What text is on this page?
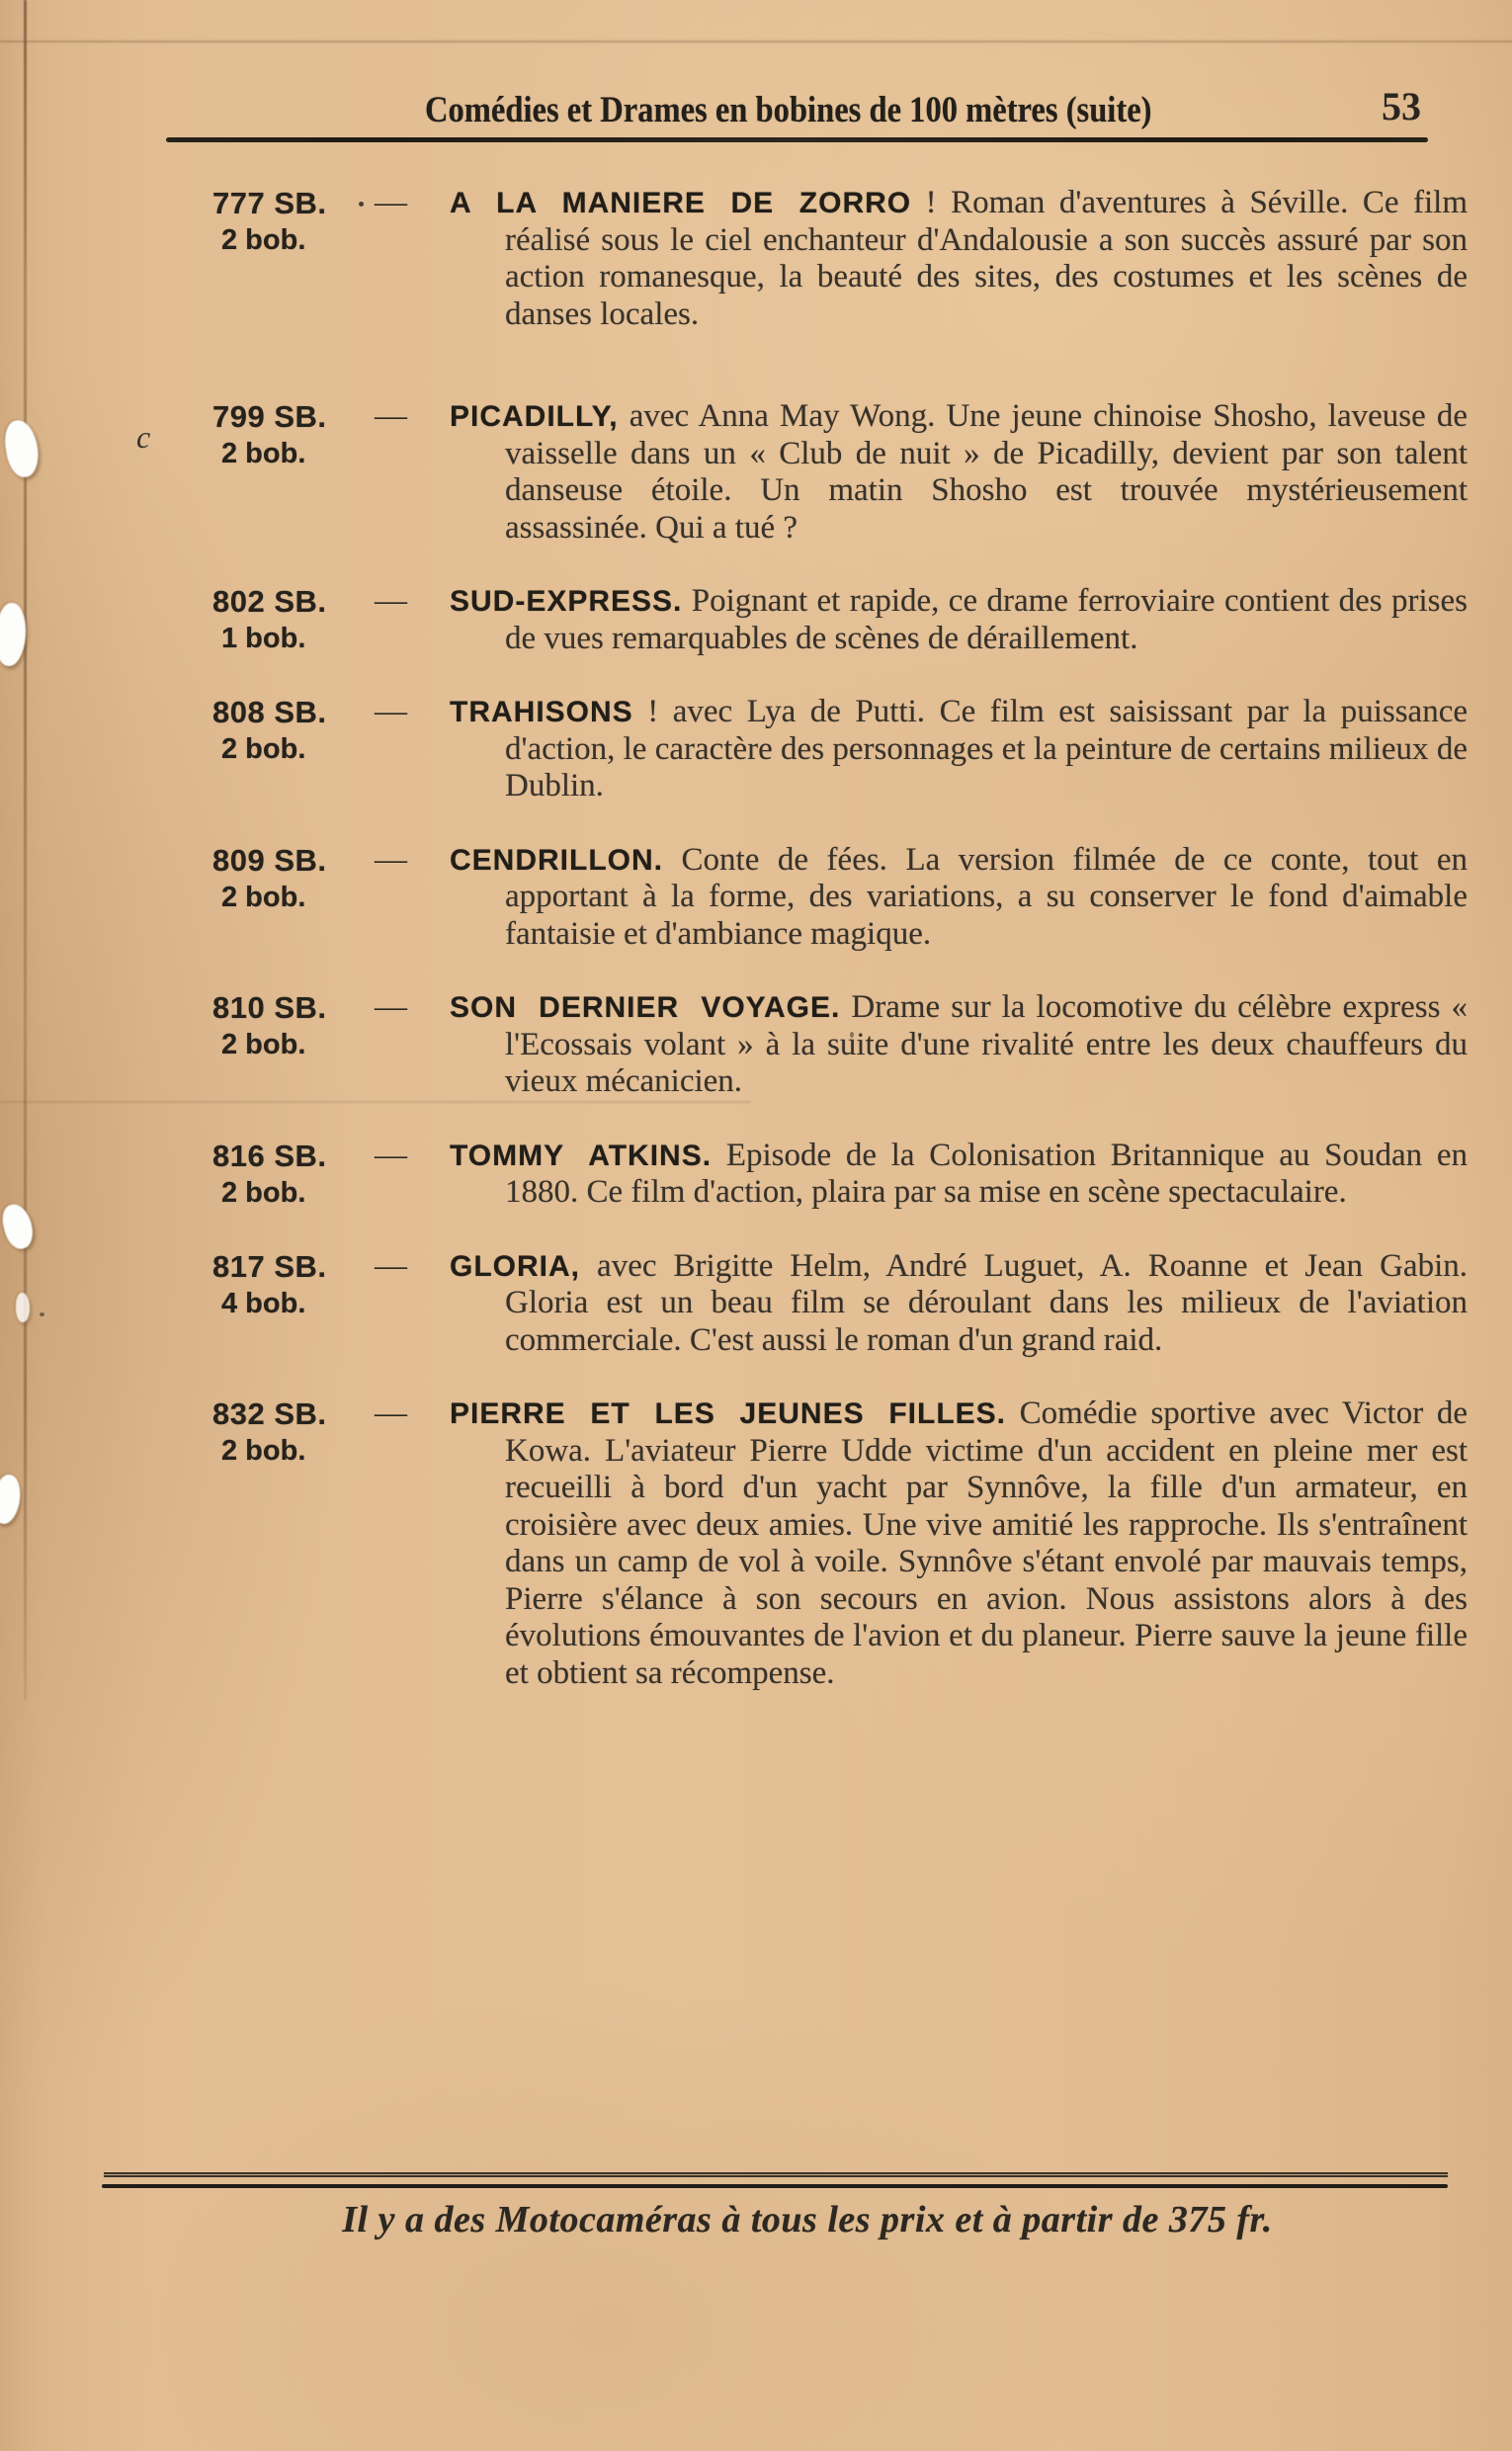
Comédies et Drames en bobines de 100 mètres (suite)	53
c
777 SB.
2 bob.
—	A LA MANIERE DE ZORRO ! Roman d'aventures à Séville. Ce film réalisé sous le ciel enchanteur d'Andalousie a son succès assuré par son action romanesque, la beauté des sites, des costumes et les scènes de danses locales.
799 SB.
2 bob.
—	PICADILLY, avec Anna May Wong. Une jeune chinoise Shosho, laveuse de vaisselle dans un « Club de nuit » de Picadilly, devient par son talent danseuse étoile. Un matin Shosho est trouvée mystérieusement assassinée. Qui a tué ?
802 SB.
1 bob.
—	SUD-EXPRESS. Poignant et rapide, ce drame ferroviaire contient des prises de vues remarquables de scènes de déraillement.
808 SB.
2 bob.
—	TRAHISONS ! avec Lya de Putti. Ce film est saisissant par la puissance d'action, le caractère des personnages et la peinture de certains milieux de Dublin.
809 SB.
2 bob.
—	CENDRILLON. Conte de fées. La version filmée de ce conte, tout en apportant à la forme, des variations, a su conserver le fond d'aimable fantaisie et d'ambiance magique.
810 SB.
2 bob.
—	SON DERNIER VOYAGE. Drame sur la locomotive du célèbre express « l'Ecossais volant » à la suite d'une rivalité entre les deux chauffeurs du vieux mécanicien.
816 SB.
2 bob.
—	TOMMY ATKINS. Episode de la Colonisation Britannique au Soudan en 1880. Ce film d'action, plaira par sa mise en scène spectaculaire.
817 SB.
4 bob.
—	GLORIA, avec Brigitte Helm, André Luguet, A. Roanne et Jean Gabin. Gloria est un beau film se déroulant dans les milieux de l'aviation commerciale. C'est aussi le roman d'un grand raid.
832 SB.
2 bob.
—	PIERRE ET LES JEUNES FILLES. Comédie sportive avec Victor de Kowa. L'aviateur Pierre Udde victime d'un accident en pleine mer est recueilli à bord d'un yacht par Synnôve, la fille d'un armateur, en croisière avec deux amies. Une vive amitié les rapproche. Ils s'entraînent dans un camp de vol à voile. Synnôve s'étant envolé par mauvais temps, Pierre s'élance à son secours en avion. Nous assistons alors à des évolutions émouvantes de l'avion et du planeur. Pierre sauve la jeune fille et obtient sa récompense.
Il y a des Motocaméras à tous les prix et à partir de 375 fr.
